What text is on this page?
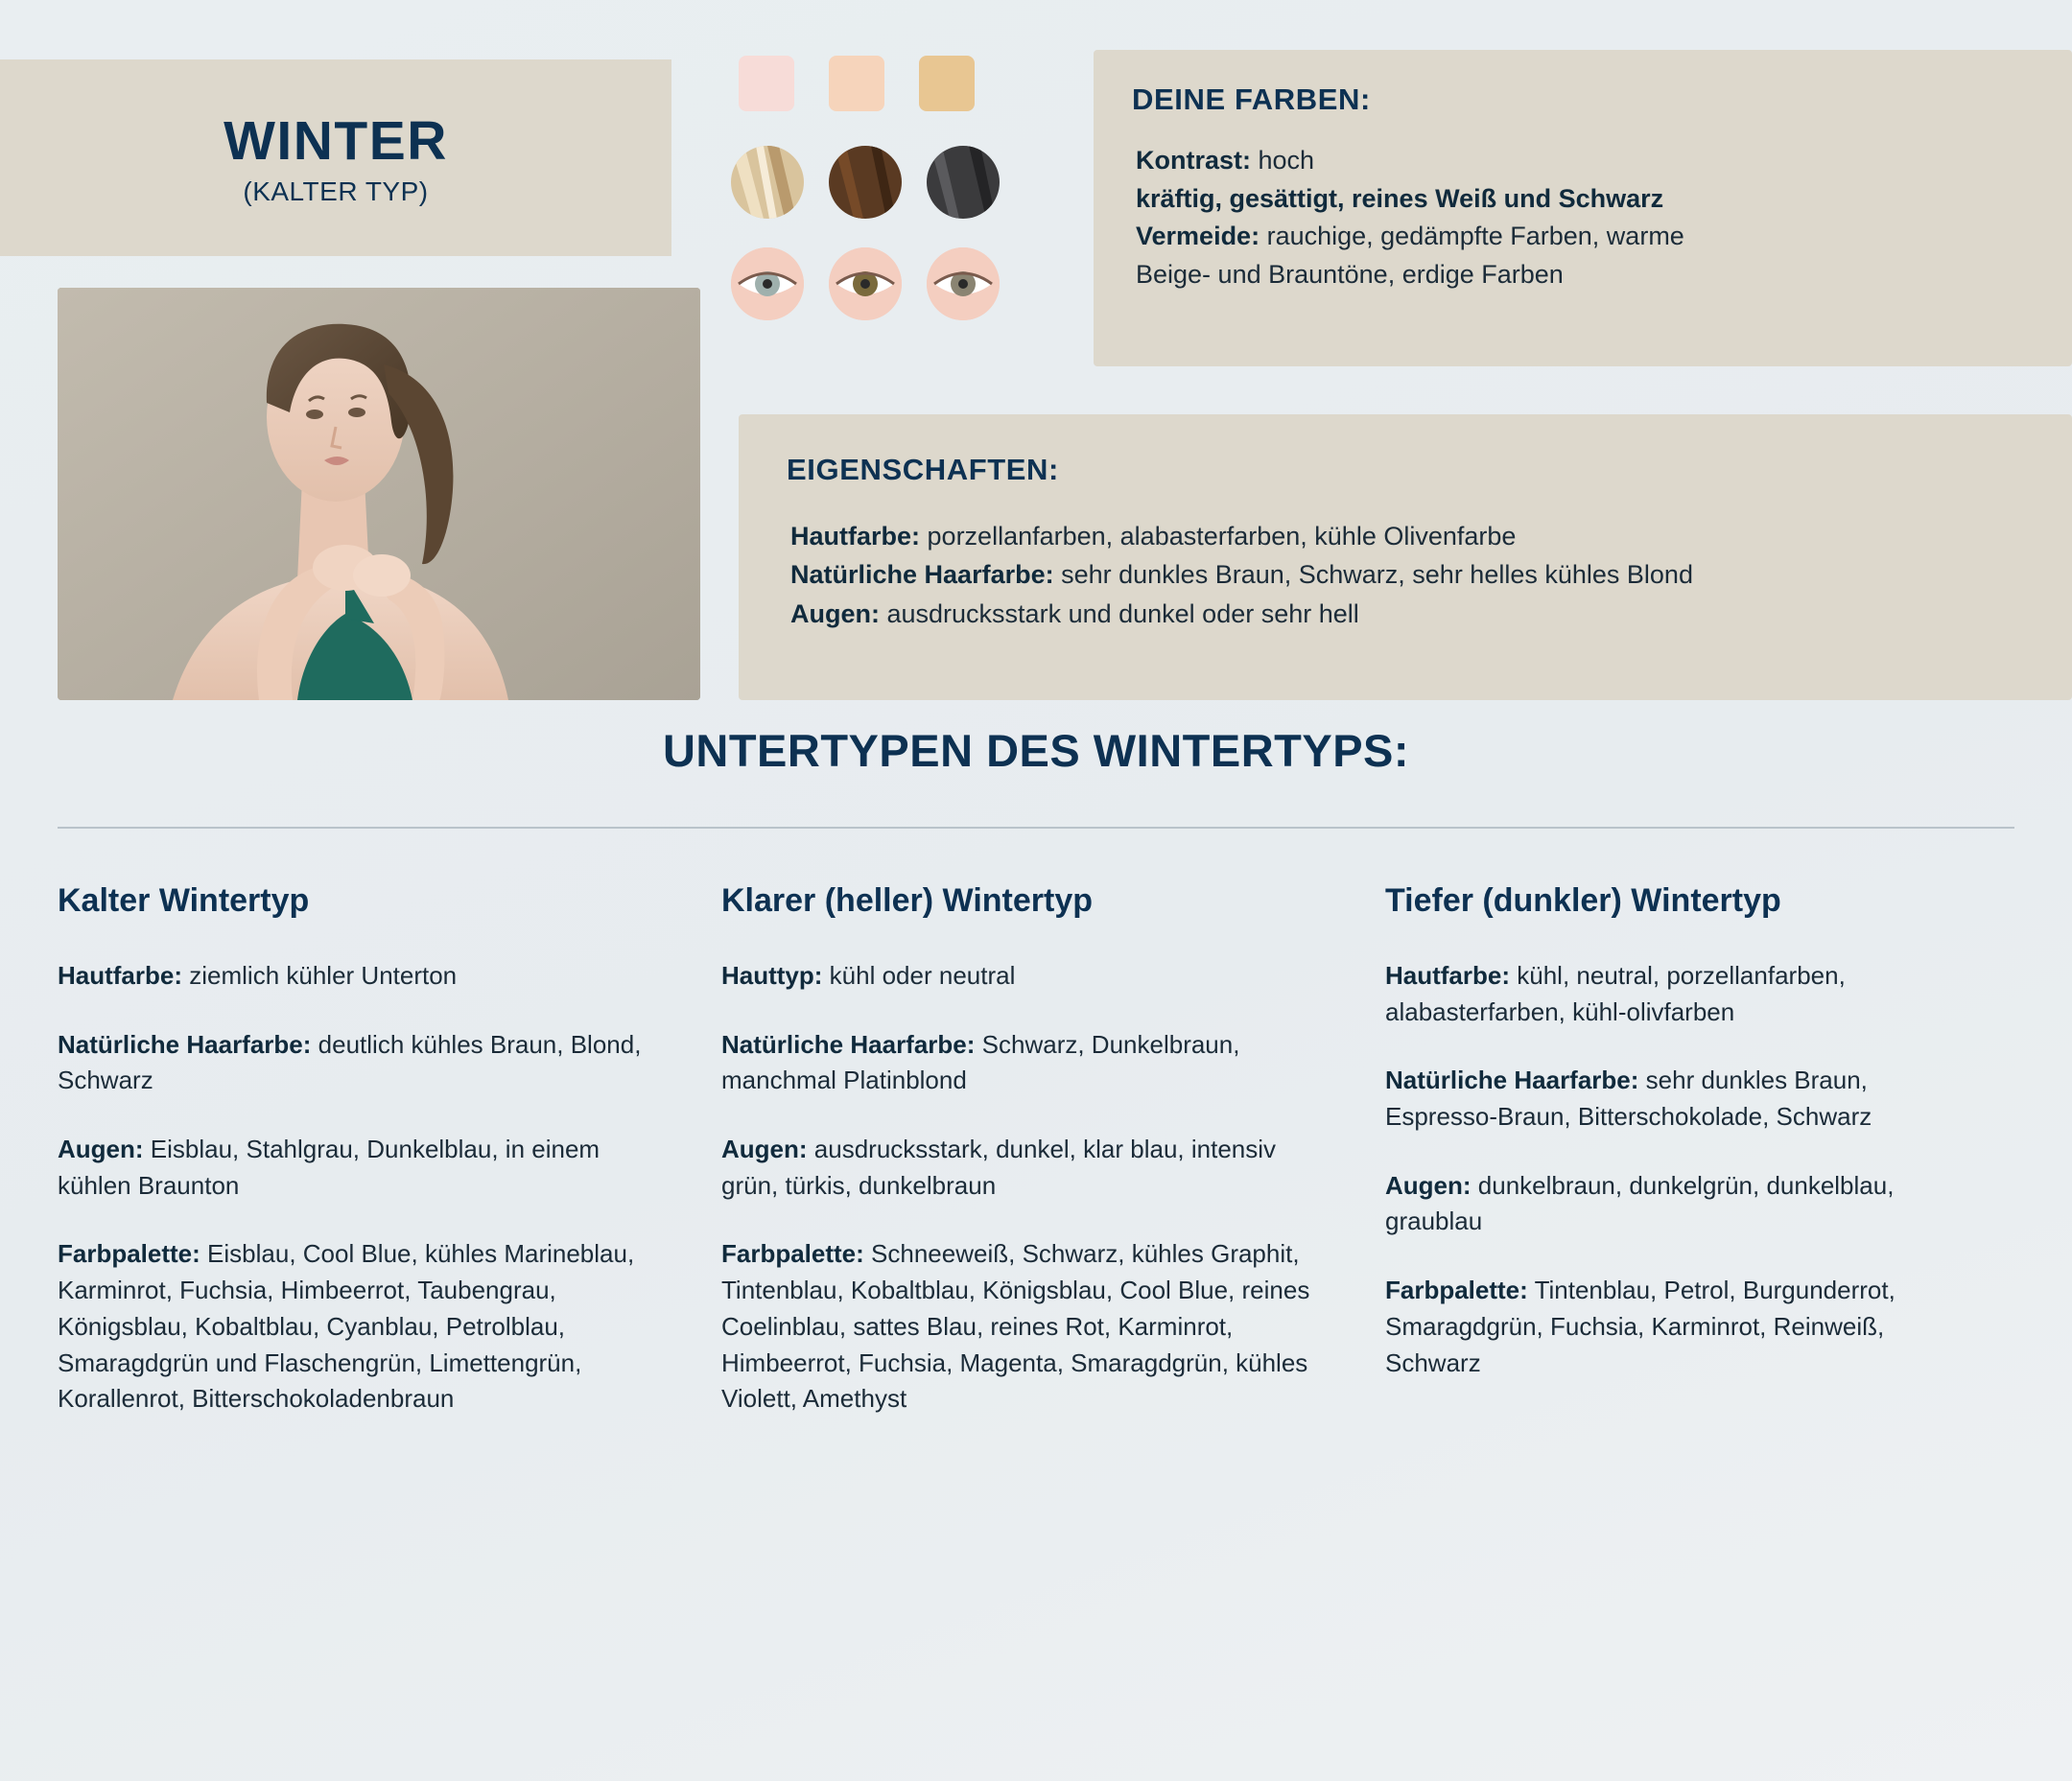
WINTER
(KALTER TYP)
DEINE FARBEN:
Kontrast: hoch
kräftig, gesättigt, reines Weiß und Schwarz
Vermeide: rauchige, gedämpfte Farben, warme
Beige- und Brauntöne, erdige Farben
EIGENSCHAFTEN:
Hautfarbe: porzellanfarben, alabasterfarben, kühle Olivenfarbe
Natürliche Haarfarbe: sehr dunkles Braun, Schwarz, sehr helles kühles Blond
Augen: ausdrucksstark und dunkel oder sehr hell
UNTERTYPEN DES WINTERTYPS:
Kalter Wintertyp

Hautfarbe: ziemlich kühler Unterton

Natürliche Haarfarbe: deutlich kühles Braun, Blond, Schwarz

Augen: Eisblau, Stahlgrau, Dunkelblau, in einem kühlen Braunton

Farbpalette: Eisblau, Cool Blue, kühles Marineblau, Karminrot, Fuchsia, Himbeerrot, Taubengrau, Königsblau, Kobaltblau, Cyanblau, Petrolblau, Smaragdgrün und Flaschengrün, Limettengrün, Korallenrot, Bitterschokoladenbraun

Klarer (heller) Wintertyp

Hauttyp: kühl oder neutral

Natürliche Haarfarbe: Schwarz, Dunkelbraun, manchmal Platinblond

Augen: ausdrucksstark, dunkel, klar blau, intensiv grün, türkis, dunkelbraun

Farbpalette: Schneeweiß, Schwarz, kühles Graphit, Tintenblau, Kobaltblau, Königsblau, Cool Blue, reines Coelinblau, sattes Blau, reines Rot, Karminrot, Himbeerrot, Fuchsia, Magenta, Smaragdgrün, kühles Violett, Amethyst

Tiefer (dunkler) Wintertyp

Hautfarbe: kühl, neutral, porzellanfarben, alabasterfarben, kühl-olivfarben

Natürliche Haarfarbe: sehr dunkles Braun, Espresso-Braun, Bitterschokolade, Schwarz

Augen: dunkelbraun, dunkelgrün, dunkelblau, graublau

Farbpalette: Tintenblau, Petrol, Burgunderrot, Smaragdgrün, Fuchsia, Karminrot, Reinweiß, Schwarz
